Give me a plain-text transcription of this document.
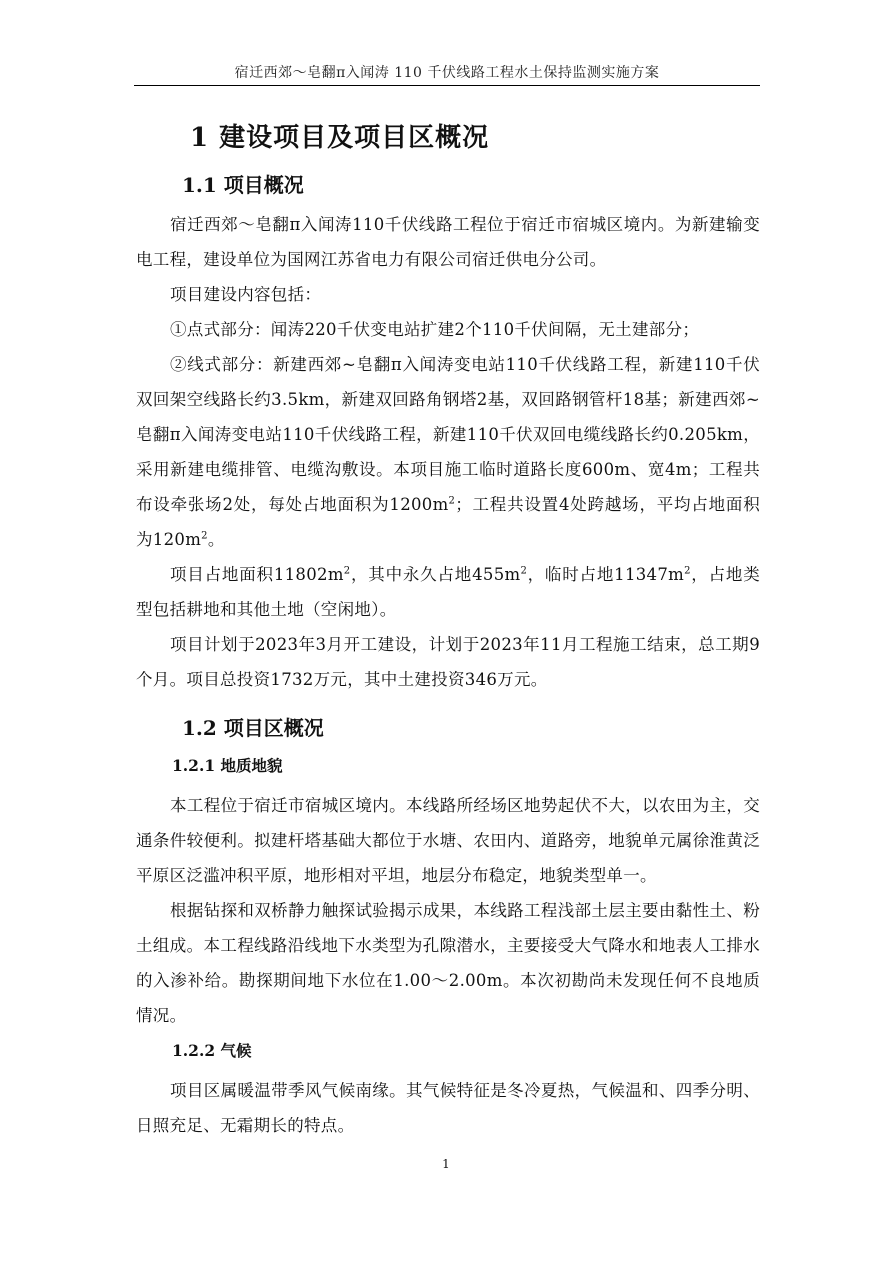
宿迁西郊～皂翻π入闻涛 110 千伏线路工程水土保持监测实施方案
1 建设项目及项目区概况
1.1 项目概况

宿迁西郊～皂翻π入闻涛110千伏线路工程位于宿迁市宿城区境内。为新建输变电工程，建设单位为国网江苏省电力有限公司宿迁供电分公司。

项目建设内容包括：

①点式部分：闻涛220千伏变电站扩建2个110千伏间隔，无土建部分；

②线式部分：新建西郊~皂翻π入闻涛变电站110千伏线路工程，新建110千伏双回架空线路长约3.5km，新建双回路角钢塔2基，双回路钢管杆18基；新建西郊~皂翻π入闻涛变电站110千伏线路工程，新建110千伏双回电缆线路长约0.205km，采用新建电缆排管、电缆沟敷设。本项目施工临时道路长度600m、宽4m；工程共布设牵张场2处，每处占地面积为$1200m^2$；工程共设置4处跨越场，平均占地面积为$120m^2$。

项目占地面积$11802m^2$，其中永久占地$455m^2$，临时占地$11347m^2$，占地类型包括耕地和其他土地（空闲地）。

项目计划于2023年3月开工建设，计划于2023年11月工程施工结束，总工期9个月。项目总投资1732万元，其中土建投资346万元。

1.2 项目区概况
1.2.1 地质地貌

本工程位于宿迁市宿城区境内。本线路所经场区地势起伏不大，以农田为主，交通条件较便利。拟建杆塔基础大都位于水塘、农田内、道路旁，地貌单元属徐淮黄泛平原区泛滥冲积平原，地形相对平坦，地层分布稳定，地貌类型单一。

根据钻探和双桥静力触探试验揭示成果，本线路工程浅部土层主要由黏性土、粉土组成。本工程线路沿线地下水类型为孔隙潜水，主要接受大气降水和地表人工排水的入渗补给。勘探期间地下水位在1.00～2.00m。本次初勘尚未发现任何不良地质情况。

1.2.2 气候

项目区属暖温带季风气候南缘。其气候特征是冬冷夏热，气候温和、四季分明、日照充足、无霜期长的特点。

1
